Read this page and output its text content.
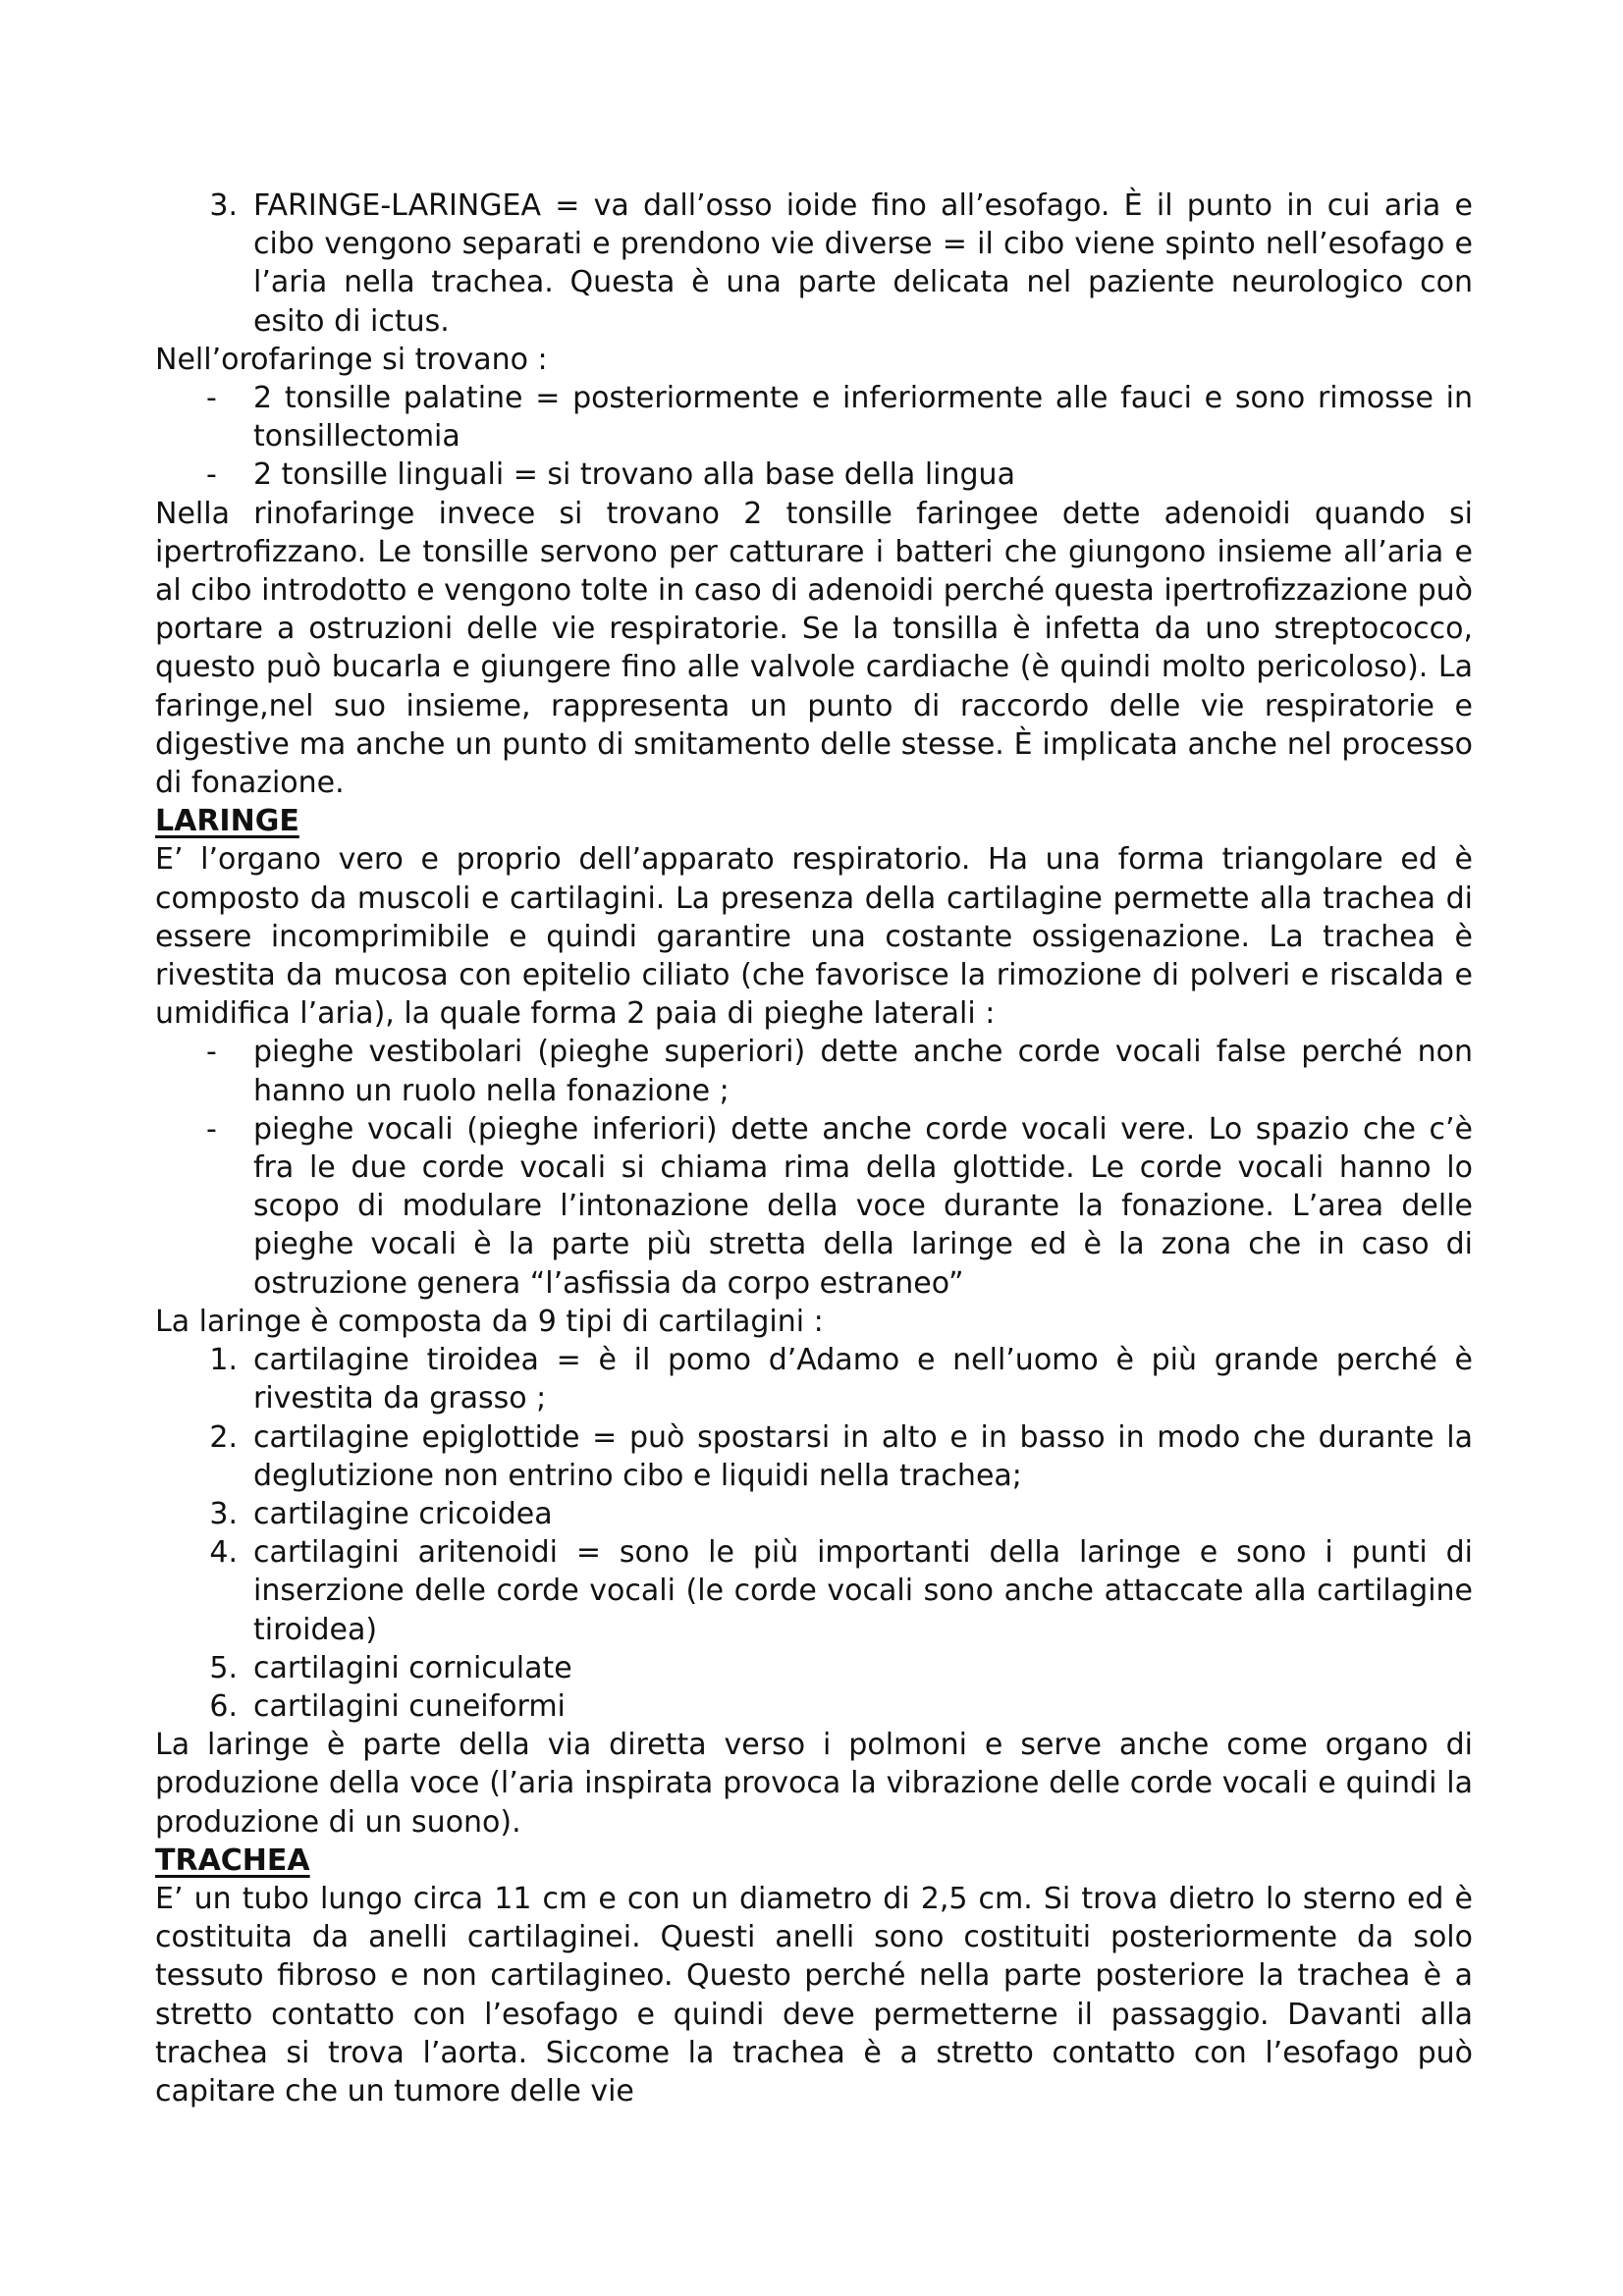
3. FARINGE-LARINGEA = va dall’osso ioide fino all’esofago. È il punto in cui aria e cibo vengono separati e prendono vie diverse = il cibo viene spinto nell’esofago e l’aria nella trachea. Questa è una parte delicata nel paziente neurologico con esito di ictus.

Nell’orofaringe si trovano :

- 2 tonsille palatine = posteriormente e inferiormente alle fauci e sono rimosse in tonsillectomia
- 2 tonsille linguali = si trovano alla base della lingua

Nella rinofaringe invece si trovano 2 tonsille faringee dette adenoidi quando si ipertrofizzano. Le tonsille servono per catturare i batteri che giungono insieme all’aria e al cibo introdotto e vengono tolte in caso di adenoidi perché questa ipertrofizzazione può portare a ostruzioni delle vie respiratorie. Se la tonsilla è infetta da uno streptococco, questo può bucarla e giungere fino alle valvole cardiache (è quindi molto pericoloso). La faringe,nel suo insieme, rappresenta un punto di raccordo delle vie respiratorie e digestive ma anche un punto di smitamento delle stesse. È implicata anche nel processo di fonazione.

LARINGE

E’ l’organo vero e proprio dell’apparato respiratorio. Ha una forma triangolare ed è composto da muscoli e cartilagini. La presenza della cartilagine permette alla trachea di essere incomprimibile e quindi garantire una costante ossigenazione. La trachea è rivestita da mucosa con epitelio ciliato (che favorisce la rimozione di polveri e riscalda e umidifica l’aria), la quale forma 2 paia di pieghe laterali :

- pieghe vestibolari (pieghe superiori) dette anche corde vocali false perché non hanno un ruolo nella fonazione ;
- pieghe vocali (pieghe inferiori) dette anche corde vocali vere. Lo spazio che c’è fra le due corde vocali si chiama rima della glottide. Le corde vocali hanno lo scopo di modulare l’intonazione della voce durante la fonazione. L’area delle pieghe vocali è la parte più stretta della laringe ed è la zona che in caso di ostruzione genera “l’asfissia da corpo estraneo”

La laringe è composta da 9 tipi di cartilagini :

1. cartilagine tiroidea = è il pomo d’Adamo e nell’uomo è più grande perché è rivestita da grasso ;
2. cartilagine epiglottide = può spostarsi in alto e in basso in modo che durante la deglutizione non entrino cibo e liquidi nella trachea;
3. cartilagine cricoidea
4. cartilagini aritenoidi = sono le più importanti della laringe e sono i punti di inserzione delle corde vocali (le corde vocali sono anche attaccate alla cartilagine tiroidea)
5. cartilagini corniculate
6. cartilagini cuneiformi

La laringe è parte della via diretta verso i polmoni e serve anche come organo di produzione della voce (l’aria inspirata provoca la vibrazione delle corde vocali e quindi la produzione di un suono).

TRACHEA

E’ un tubo lungo circa 11 cm e con un diametro di 2,5 cm. Si trova dietro lo sterno ed è costituita da anelli cartilaginei. Questi anelli sono costituiti posteriormente da solo tessuto fibroso e non cartilagineo. Questo perché nella parte posteriore la trachea è a stretto contatto con l’esofago e quindi deve permetterne il passaggio. Davanti alla trachea si trova l’aorta. Siccome la trachea è a stretto contatto con l’esofago può capitare che un tumore delle vie
